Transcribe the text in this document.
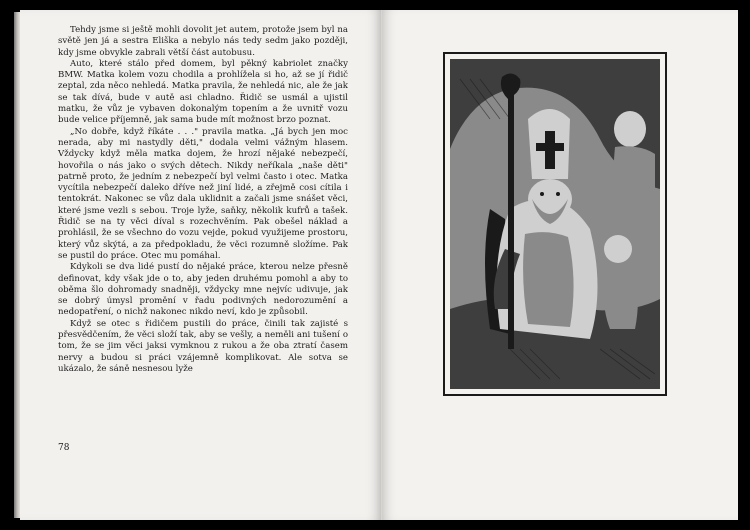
Tehdy jsme si ještě mohli dovolit jet autem, protože jsem byl na světě jen já a sestra Eliška a nebylo nás tedy sedm jako později, kdy jsme obvykle zabrali větší část autobusu.

Auto, které stálo před domem, byl pěkný kabriolet značky BMW. Matka kolem vozu chodila a prohlížela si ho, až se jí řidič zeptal, zda něco nehledá. Matka pravila, že nehledá nic, ale že jak se tak dívá, bude v autě asi chladno. Řidič se usmál a ujistil matku, že vůz je vybaven dokonalým topením a že uvnitř vozu bude velice příjemně, jak sama bude mít možnost brzo poznat.

„No dobře, když říkáte . . ." pravila matka. „Já bych jen moc nerada, aby mi nastydly děti," dodala velmi vážným hlasem. Vždycky když měla matka dojem, že hrozí nějaké nebezpečí, hovořila o nás jako o svých dětech. Nikdy neříkala „naše děti" patrně proto, že jedním z nebezpečí byl velmi často i otec. Matka vycítila nebezpečí daleko dříve než jiní lidé, a zřejmě cosi cítila i tentokrát. Nakonec se vůz dala uklidnit a začali jsme snášet věci, které jsme vezli s sebou. Troje lyže, saňky, několik kufrů a tašek. Řidič se na ty věci díval s rozechvěním. Pak obešel náklad a prohlásil, že se všechno do vozu vejde, pokud využijeme prostoru, který vůz skýtá, a za předpokladu, že věci rozumně složíme. Pak se pustil do práce. Otec mu pomáhal.

Kdykoli se dva lidé pustí do nějaké práce, kterou nelze přesně definovat, kdy však jde o to, aby jeden druhému pomohl a aby to oběma šlo dohromady snadněji, vždycky mne nejvíc udivuje, jak se dobrý úmysl promění v řadu podivných nedorozumění a nedopatření, o nichž nakonec nikdo neví, kdo je způsobil.

Když se otec s řidičem pustili do práce, činili tak zajisté s přesvědčením, že věci složí tak, aby se vešly, a neměli ani tušení o tom, že se jim věci jaksi vymknou z rukou a že oba ztratí časem nervy a budou si práci vzájemně komplikovat. Ale sotva se ukázalo, že sáně nesnesou lyže

78
